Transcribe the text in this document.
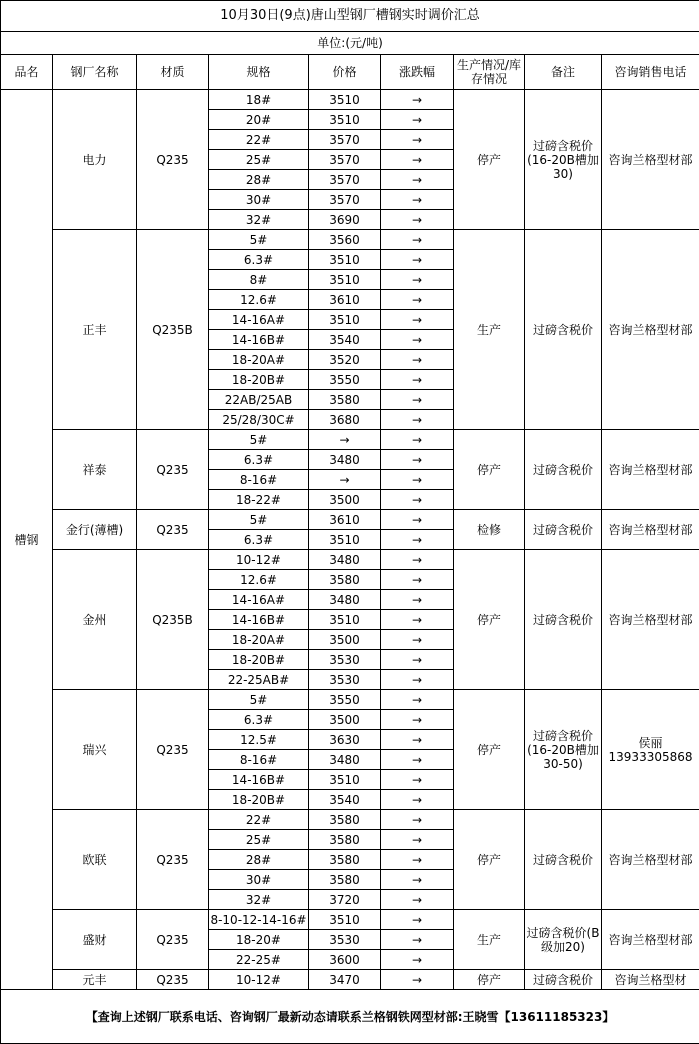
10月30日(9点)唐山型钢厂槽钢实时调价汇总								
单位:(元/吨)								
品名	钢厂名称	材质	规格	价格	涨跌幅	生产情况/库存情况	备注	咨询销售电话
槽钢	电力	Q235	18#	3510	→	停产	过磅含税价(16-20B槽加30)	咨询兰格型材部
			20#	3510	→			
			22#	3570	→			
			25#	3570	→			
			28#	3570	→			
			30#	3570	→			
			32#	3690	→			
	正丰	Q235B	5#	3560	→	生产	过磅含税价	咨询兰格型材部
			6.3#	3510	→			
			8#	3510	→			
			12.6#	3610	→			
			14-16A#	3510	→			
			14-16B#	3540	→			
			18-20A#	3520	→			
			18-20B#	3550	→			
			22AB/25AB	3580	→			
			25/28/30C#	3680	→			
	祥泰	Q235	5#	→	→	停产	过磅含税价	咨询兰格型材部
			6.3#	3480	→			
			8-16#	→	→			
			18-22#	3500	→			
	金行(薄槽)	Q235	5#	3610	→	检修	过磅含税价	咨询兰格型材部
			6.3#	3510	→			
	金州	Q235B	10-12#	3480	→	停产	过磅含税价	咨询兰格型材部
			12.6#	3580	→			
			14-16A#	3480	→			
			14-16B#	3510	→			
			18-20A#	3500	→			
			18-20B#	3530	→			
			22-25AB#	3530	→			
	瑞兴	Q235	5#	3550	→	停产	过磅含税价(16-20B槽加30-50)	侯丽 13933305868
			6.3#	3500	→			
			12.5#	3630	→			
			8-16#	3480	→			
			14-16B#	3510	→			
			18-20B#	3540	→			
	欧联	Q235	22#	3580	→	停产	过磅含税价	咨询兰格型材部
			25#	3580	→			
			28#	3580	→			
			30#	3580	→			
			32#	3720	→			
	盛财	Q235	8-10-12-14-16#	3510	→	生产	过磅含税价(B级加20)	咨询兰格型材部
			18-20#	3530	→			
			22-25#	3600	→			
	元丰	Q235	10-12#	3470	→	停产	过磅含税价	咨询兰格型材
【查询上述钢厂联系电话、咨询钢厂最新动态请联系兰格钢铁网型材部:王晓雪【13611185323】								
